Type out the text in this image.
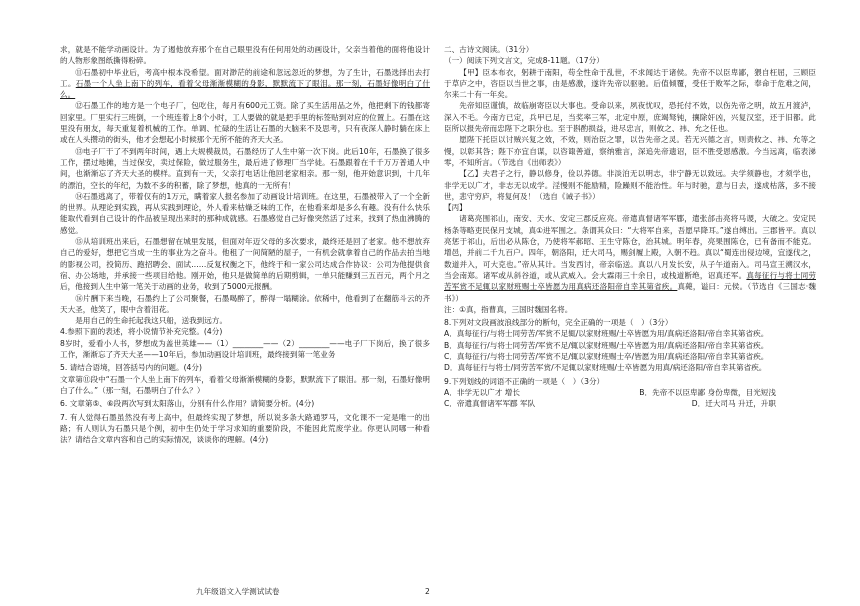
求，就是不能学动画设计。为了遏他放弃那个在自己眼里没有任何用处的动画设计，父亲当着他的面将他设计的人物形象图纸撕得粉碎。

⑪石墨初中毕业后，考高中根本没希望。面对渺茫的前途和忽远忽近的梦想，为了生计，石墨选择出去打工。石墨一个人坐上南下的列车，看着父母渐渐模糊的身影，默默流下了眼泪。那一刻，石墨好像明白了什么。

⑫石墨工作的地方是一个电子厂，包吃住，每月有600元工资。除了买生活用品之外，他把剩下的钱都寄回家里。厂里实行三班倒，一个班连着上8个小时，工人要做的就是把手里的标签贴到对应的位置上。石墨在这里没有朋友，每天重复着机械的工作。单调、忙碌的生活让石墨的大脑来不及思考，只有夜深人静时躺在床上或在人头攒动的街头，他才会想起小时候那个无所不能的齐天大圣。

⑬电子厂干了不到两年时间，遇上大规模裁员，石墨经历了人生中第一次下岗。此后10年，石墨换了很多工作，摆过地摊，当过保安，卖过保险，做过服务生，最后进了修理厂当学徒。石墨跟着在千千万万普通人中间，也渐渐忘了齐天大圣的模样。直到有一天，父亲打电话让他回老家相亲。那一刻，他开始意识到，十几年的漂泊，空长的年纪，为数不多的积蓄，除了梦想，他真的一无所有！

⑭石墨逃离了，带着仅有的1万元，瞒着家人报名参加了动画设计培训班。在这里，石墨被带入了一个全新的世界。从理论到实践，再从实践到理论，外人看来枯燥乏味的工作，在他看来却是多么有趣。没有什么快乐能取代看到自己设计的作品被呈现出来时的那种成就感。石墨感觉自己好像突然活了过来，找到了热血沸腾的感觉。

⑮从培训班出来后，石墨想留在城里发展，但面对年迈父母的多次要求，最终还是回了老家。他不想放弃自己的爱好，想把它当成一生的事业为之奋斗。他租了一间简陋的屋子，一有机会就拿着自己的作品去拍当地的影视公司，投简历、跑招聘会、面试……反复权衡之下，他终于和一家公司达成合作协议：公司为他提供食宿、办公场地，并承接一些项目给他。刚开始，他只是做简单的后期剪辑，一单只能赚到三五百元，两个月之后，他接到人生中第一笔关于动画的业务，收到了5000元报酬。

⑯片酬下来当晚，石墨约上了公司聚餐，石墨喝醉了，醉得一塌糊涂。依稀中，他看到了在翻筋斗云的齐天大圣，他笑了，眼中含着泪花。

是用自己的生命托起我这只船，送我到远方。

4.参照下面的表述，将小说情节补充完整。(4分)

8岁时，爱看小人书，梦想成为盖世英雄——（1）________——（2）________——电子厂下岗后，换了很多工作，渐渐忘了齐天大圣——10年后，参加动画设计培训班，最终接到第一笔业务

5. 请结合语境，回答括号内的问题。(4分)

文章第⑪段中“石墨一个人坐上南下的列车，看着父母渐渐模糊的身影，默默流下了眼泪。那一刻，石墨好像明白了什么。”（那一刻，石墨明白了什么？）

6. 文章第⑤、⑥段两次写到太阳落山，分别有什么作用？请简要分析。(4分)

7. 有人觉得石墨虽然没有考上高中，但最终实现了梦想，所以说多条大路通罗马，文化课不一定是唯一的出路；有人则认为石墨只是个例，初中生仍处于学习求知的重要阶段，不能因此荒废学业。你更认同哪一种看法？请结合文章内容和自己的实际情况，谈谈你的理解。(4分)

二、古诗文阅读。（31分）

（一）阅读下列文言文，完成8-11题。（17分）

【甲】臣本布衣，躬耕于南阳，苟全性命于乱世，不求闻达于诸侯。先帝不以臣卑鄙，猥自枉屈，三顾臣于草庐之中，咨臣以当世之事，由是感激，遂许先帝以驱驰。后值倾覆，受任于败军之际，奉命于危难之间，尔来二十有一年矣。

先帝知臣谨慎，故临崩寄臣以大事也。受命以来，夙夜忧叹，恐托付不效，以伤先帝之明，故五月渡泸，深入不毛。今南方已定，兵甲已足，当奖率三军，北定中原，庶竭驽钝，攘除奸凶，兴复汉室，还于旧都。此臣所以报先帝而忠陛下之职分也。至于斟酌损益，进尽忠言，则攸之、祎、允之任也。

愿陛下托臣以讨贼兴复之效，不效，则治臣之罪，以告先帝之灵。若无兴德之言，则责攸之、祎、允等之慢，以彰其咎；陛下亦宜自谋，以咨诹善道，察纳雅言，深追先帝遗诏，臣不胜受恩感激。今当远离，临表涕零，不知所言。（节选自《出师表》）

【乙】夫君子之行，静以修身，俭以养德。非淡泊无以明志，非宁静无以致远。夫学须静也，才须学也，非学无以广才，非志无以成学。淫慢则不能励精，险躁则不能治性。年与时驰，意与日去，遂成枯落，多不接世，悲守穷庐，将复何及！（选自《诫子书》）

【丙】

诸葛亮围祁山，南安、天水、安定三郡反应亮。帝遣真督诸军军郿，遣张郃击亮将马谡，大破之。安定民杨条等略吏民保月支城，真①进军围之。条谓其众曰：“大将军自来，吾愿早降耳。”遂自缚出。三郡皆平。真以亮惩于祁山，后出必从陈仓，乃使将军郝昭、王生守陈仓，治其城。明年春，亮果围陈仓，已有备而不能克。增邑，并前二千九百户。四年，朝洛阳，迁大司马，赐剑履上殿，入朝不趋。真以“蜀连出侵边境，宜遂伐之，数道并入，可大克也。”帝从其计。当发西讨，帝亲临送。真以八月发长安，从子午道南入。司马宣王溯汉水，当会南郑。诸军或从斜谷道，或从武威入。会大霖雨三十余日，或栈道断绝，诏真还军。真每征行与将士同劳苦军赏不足辄以家财班赐士卒皆愿为用真病还洛阳帝自幸其第省疾。真薨，谥曰：元侯。（节选自《三国志·魏书》）

注：①真，指曹真，三国时魏国名将。

8.下列对文段画波浪线部分的断句，完全正确的一项是（　）（3分）

A．真每征行/与将士同劳苦/军赏不足辄/以家财班赐/士卒皆愿为用/真病还洛阳/帝自幸其第省疾。

B．真每征行/与将士同劳苦/军赏不足/辄以家财班赐/士卒皆愿为用/真病还洛阳/帝自幸其第省疾。

C．真每征行/与将士同劳苦/军赏不足/辄以家财班赐士卒/皆愿为用/真病还洛阳/帝自幸其第省疾。

D．真每征行与将士/同劳苦军赏/不足辄以家财班赐/士卒皆愿为用真/病还洛阳/帝自幸其第省疾。

9.下列划线的词语不正确的一项是（　）（3分）

A．非学无以广才 增长	B．先帝不以臣卑鄙 身份卑微，目光短浅
C．帝遣真督诸军军郿 军队	D．迁大司马 升迁，升职
九年级语文入学测试试卷	2
